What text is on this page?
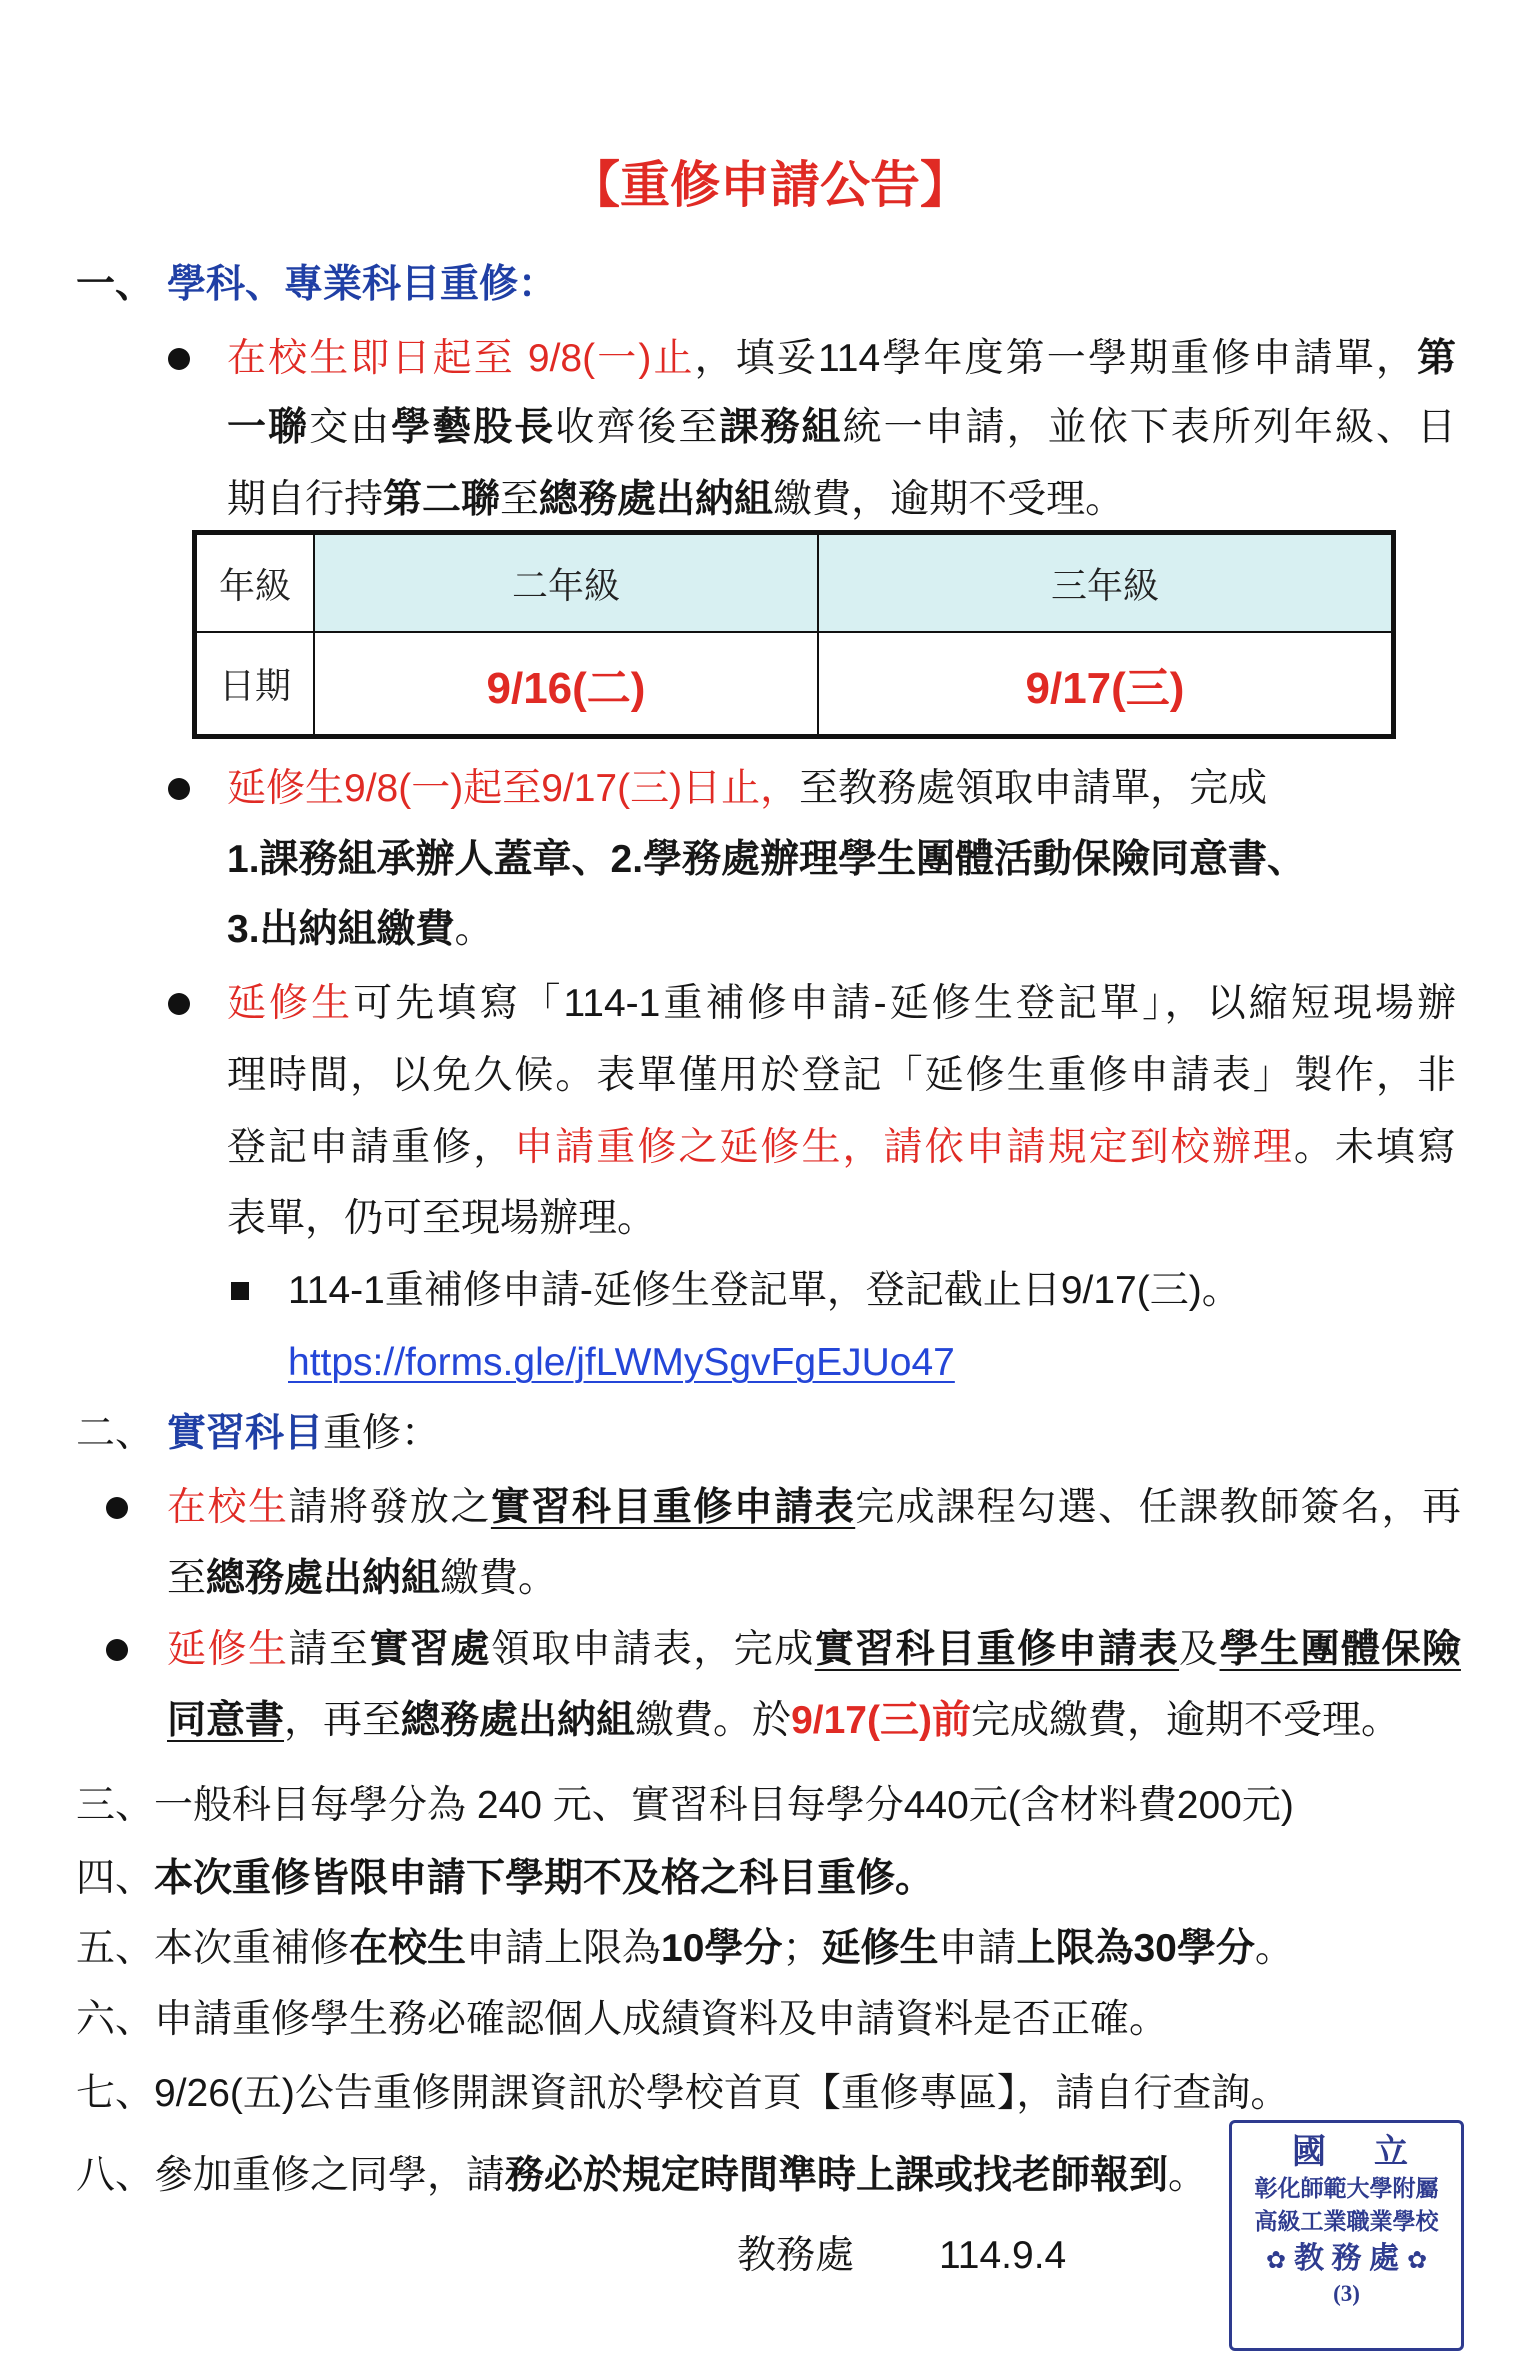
【重修申請公告】
一、 學科、專業科目重修：
在校生即日起至 9/8(一)止，填妥114學年度第一學期重修申請單，第
一聯交由學藝股長收齊後至課務組統一申請，並依下表所列年級、日
期自行持第二聯至總務處出納組繳費，逾期不受理。
年級	二年級	三年級
日期	9/16(二)	9/17(三)
延修生9/8(一)起至9/17(三)日止，至教務處領取申請單，完成
1.課務組承辦人蓋章、2.學務處辦理學生團體活動保險同意書、
3.出納組繳費。
延修生可先填寫「114-1重補修申請-延修生登記單」，以縮短現場辦
理時間，以免久候。表單僅用於登記「延修生重修申請表」製作，非
登記申請重修，申請重修之延修生，請依申請規定到校辦理。未填寫
表單，仍可至現場辦理。
114-1重補修申請-延修生登記單，登記截止日9/17(三)。
https://forms.gle/jfLWMySgvFgEJUo47
二、 實習科目重修：
在校生請將發放之實習科目重修申請表完成課程勾選、任課教師簽名，再
至總務處出納組繳費。
延修生請至實習處領取申請表，完成實習科目重修申請表及學生團體保險
同意書，再至總務處出納組繳費。於9/17(三)前完成繳費，逾期不受理。
三、一般科目每學分為 240 元、實習科目每學分440元(含材料費200元)
四、本次重修皆限申請下學期不及格之科目重修。
五、本次重補修在校生申請上限為10學分；延修生申請上限為30學分。
六、申請重修學生務必確認個人成績資料及申請資料是否正確。
七、9/26(五)公告重修開課資訊於學校首頁【重修專區】，請自行查詢。
八、參加重修之同學，請務必於規定時間準時上課或找老師報到。
教務處 114.9.4
國 立
彰化師範大學附屬
高級工業職業學校
✿
教 務 處
✿
(3)
